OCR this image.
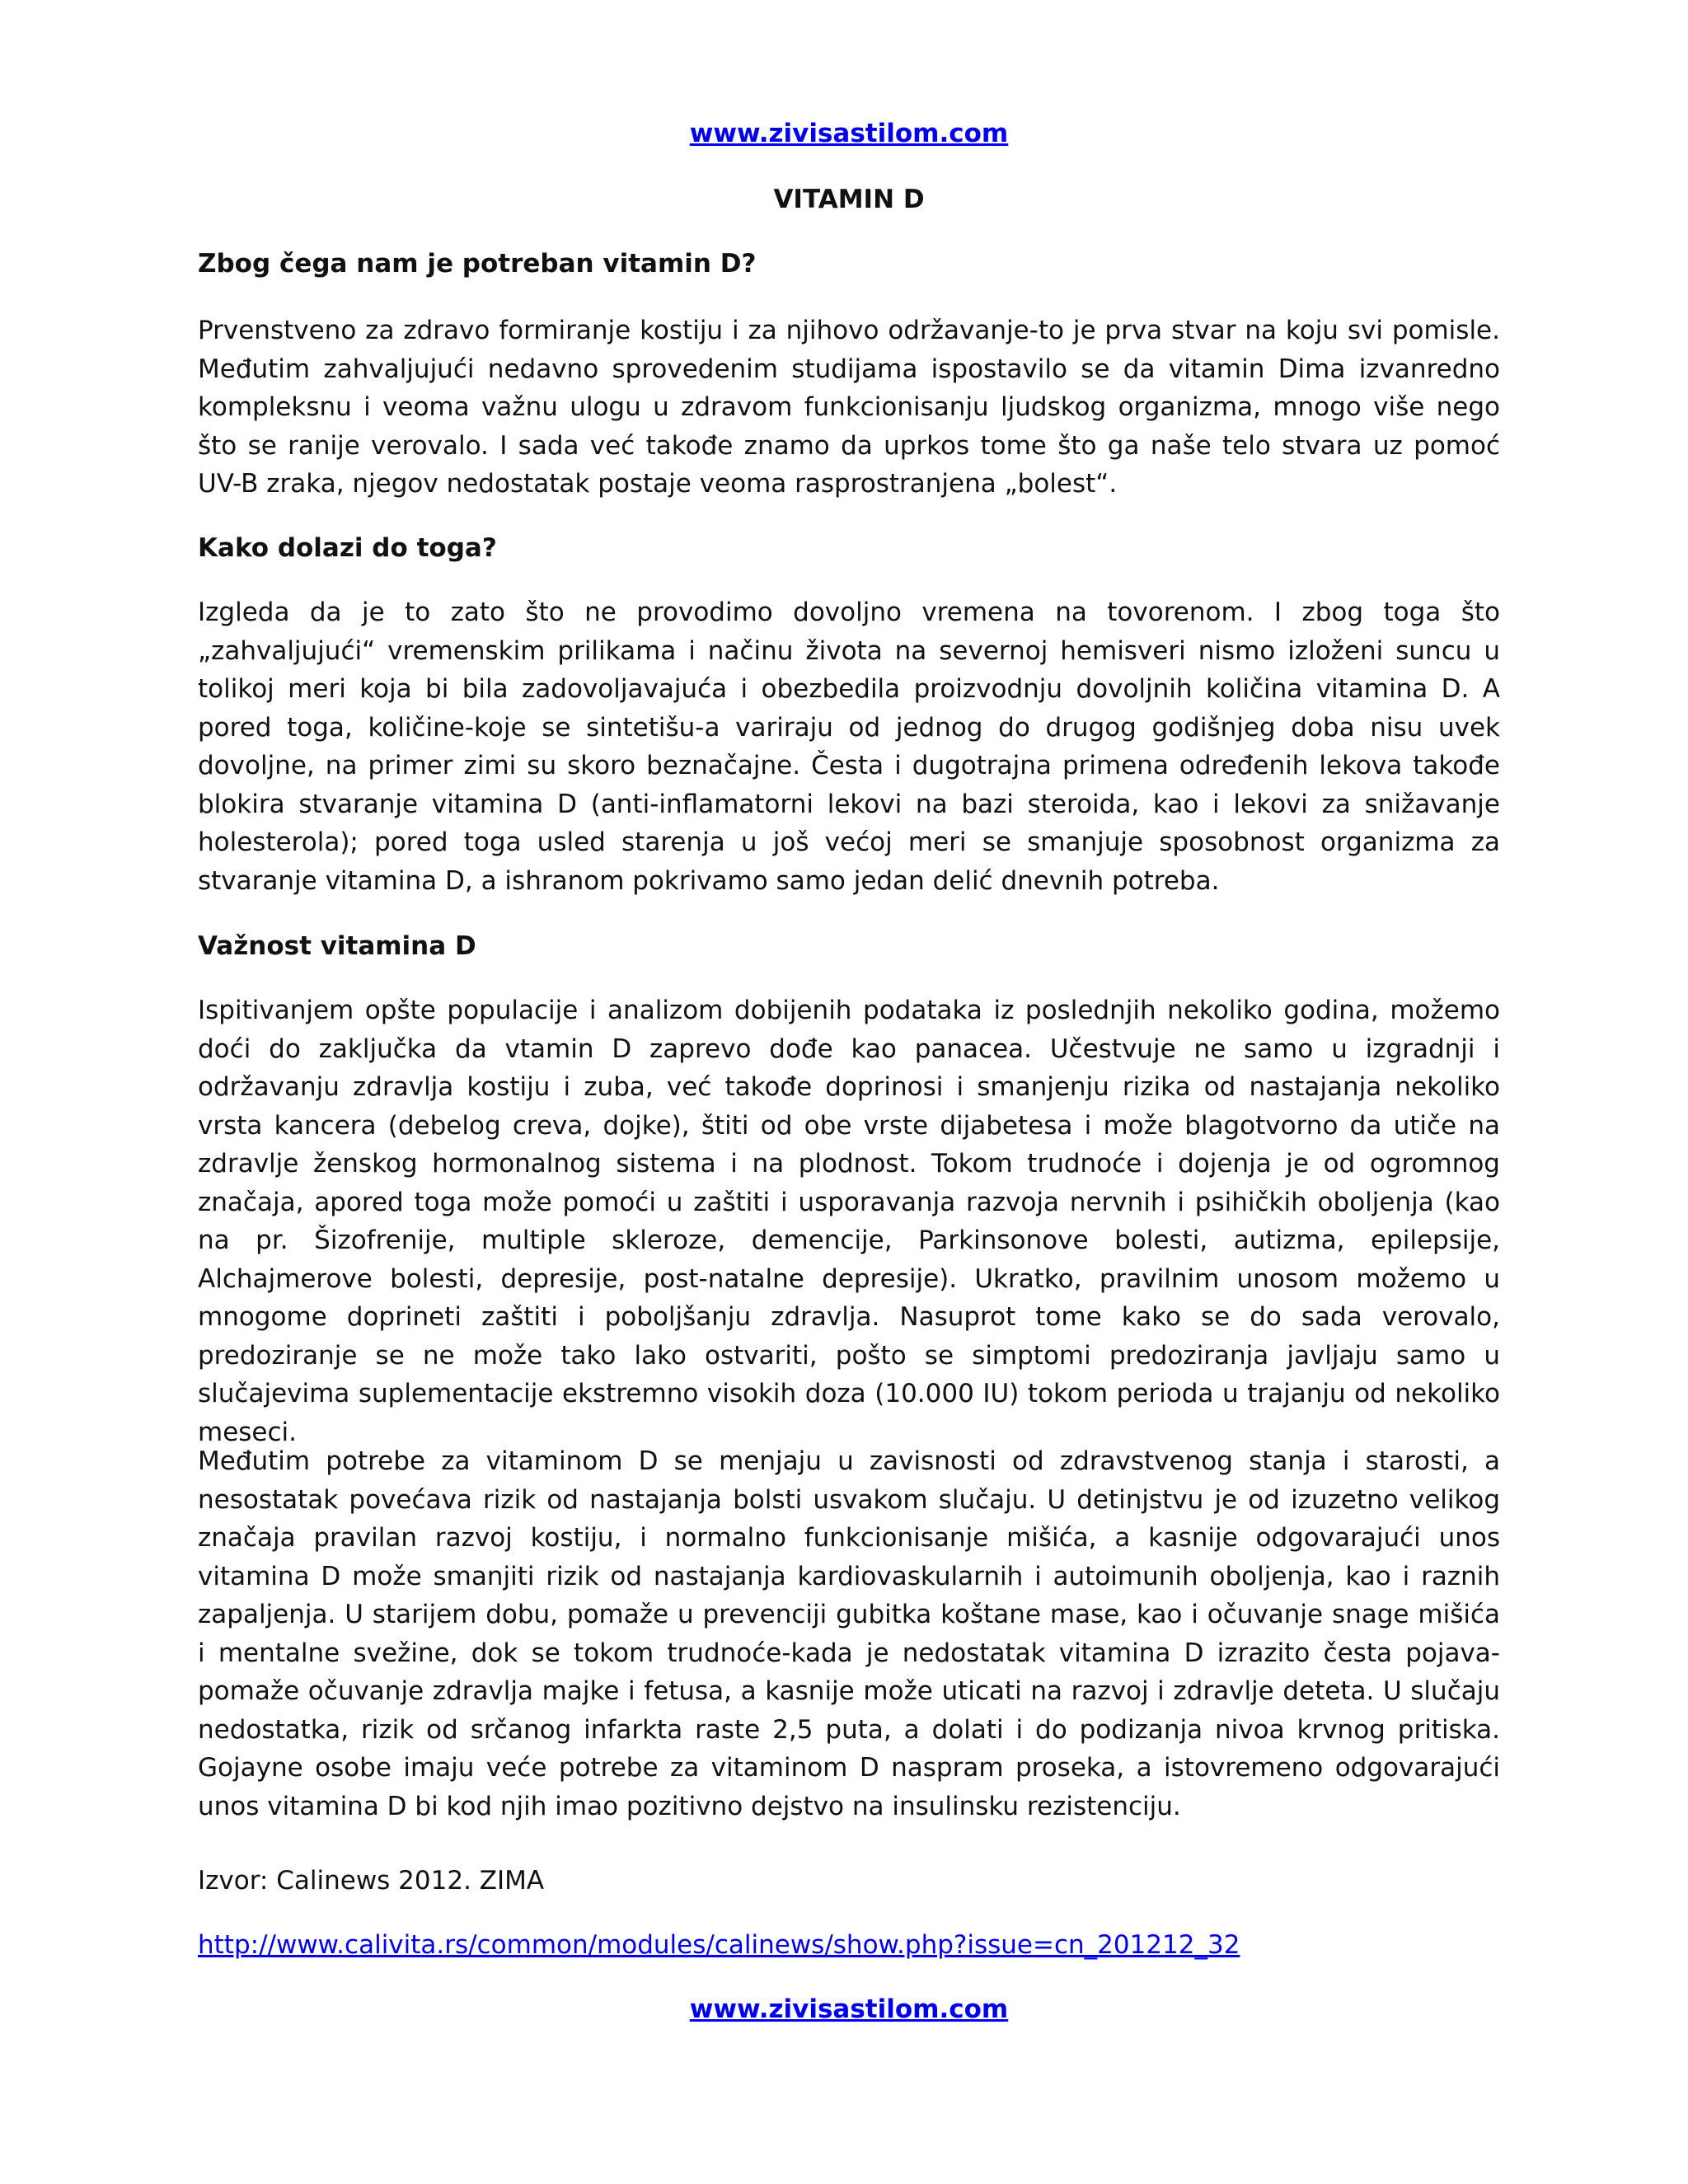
www.zivisastilom.com
VITAMIN D
Zbog čega nam je potreban vitamin D?
Prvenstveno za zdravo formiranje kostiju i za njihovo održavanje-to je prva stvar na koju svi pomisle. Međutim zahvaljujući nedavno sprovedenim studijama ispostavilo se da vitamin Dima izvanredno kompleksnu i veoma važnu ulogu u zdravom funkcionisanju ljudskog organizma, mnogo više nego što se ranije verovalo. I sada već takođe znamo da uprkos tome što ga naše telo stvara uz pomoć UV-B zraka, njegov nedostatak postaje veoma rasprostranjena „bolest“.
Kako dolazi do toga?
Izgleda da je to zato što ne provodimo dovoljno vremena na tovorenom. I zbog toga što „zahvaljujući“ vremenskim prilikama i načinu života na severnoj hemisveri nismo izloženi suncu u tolikoj meri koja bi bila zadovoljavajuća i obezbedila proizvodnju dovoljnih količina vitamina D. A pored toga, količine-koje se sintetišu-a variraju od jednog do drugog godišnjeg doba nisu uvek dovoljne, na primer zimi su skoro beznačajne. Česta i dugotrajna primena određenih lekova takođe blokira stvaranje vitamina D (anti-inflamatorni lekovi na bazi steroida, kao i lekovi za snižavanje holesterola); pored toga usled starenja u još većoj meri se smanjuje sposobnost organizma za stvaranje vitamina D, a ishranom pokrivamo samo jedan delić dnevnih potreba.
Važnost vitamina D
Ispitivanjem opšte populacije i analizom dobijenih podataka iz poslednjih nekoliko godina, možemo doći do zaključka da vtamin D zaprevo dođe kao panacea. Učestvuje ne samo u izgradnji i održavanju zdravlja kostiju i zuba, već takođe doprinosi i smanjenju rizika od nastajanja nekoliko vrsta kancera (debelog creva, dojke), štiti od obe vrste dijabetesa i može blagotvorno da utiče na zdravlje ženskog hormonalnog sistema i na plodnost. Tokom trudnoće i dojenja je od ogromnog značaja, apored toga može pomoći u zaštiti i usporavanja razvoja nervnih i psihičkih oboljenja (kao na pr. Šizofrenije, multiple skleroze, demencije, Parkinsonove bolesti, autizma, epilepsije, Alchajmerove bolesti, depresije, post-natalne depresije). Ukratko, pravilnim unosom možemo u mnogome doprineti zaštiti i poboljšanju zdravlja. Nasuprot tome kako se do sada verovalo, predoziranje se ne može tako lako ostvariti, pošto se simptomi predoziranja javljaju samo u slučajevima suplementacije ekstremno visokih doza (10.000 IU) tokom perioda u trajanju od nekoliko meseci.
Međutim potrebe za vitaminom D se menjaju u zavisnosti od zdravstvenog stanja i starosti, a nesostatak povećava rizik od nastajanja bolsti usvakom slučaju. U detinjstvu je od izuzetno velikog značaja pravilan razvoj kostiju, i normalno funkcionisanje mišića, a kasnije odgovarajući unos vitamina D može smanjiti rizik od nastajanja kardiovaskularnih i autoimunih oboljenja, kao i raznih zapaljenja. U starijem dobu, pomaže u prevenciji gubitka koštane mase, kao i očuvanje snage mišića i mentalne svežine, dok se tokom trudnoće-kada je nedostatak vitamina D izrazito česta pojava-pomaže očuvanje zdravlja majke i fetusa, a kasnije može uticati na razvoj i zdravlje deteta. U slučaju nedostatka, rizik od srčanog infarkta raste 2,5 puta, a dolati i do podizanja nivoa krvnog pritiska. Gojayne osobe imaju veće potrebe za vitaminom D naspram proseka, a istovremeno odgovarajući unos vitamina D bi kod njih imao pozitivno dejstvo na insulinsku rezistenciju.
Izvor: Calinews 2012. ZIMA
http://www.calivita.rs/common/modules/calinews/show.php?issue=cn_201212_32
www.zivisastilom.com
